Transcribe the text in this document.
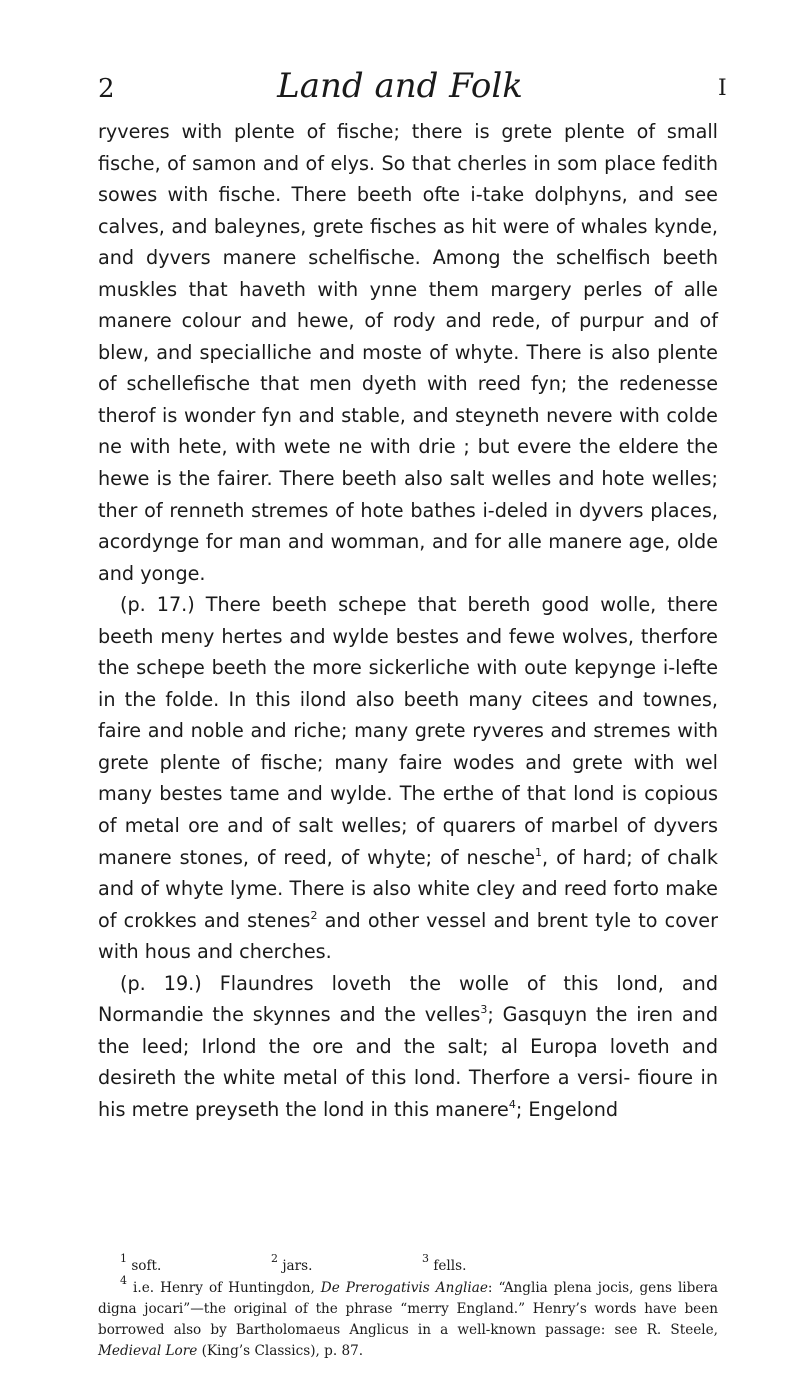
2	Land and Folk	I

ryveres with plente of fische; there is grete plente of small fische, of samon and of elys. So that cherles in som place fedith sowes with fische. There beeth ofte i-take dolphyns, and see calves, and baleynes, grete fisches as hit were of whales kynde, and dyvers manere schelfische. Among the schelfisch beeth muskles that haveth with ynne them margery perles of alle manere colour and hewe, of rody and rede, of purpur and of blew, and specialliche and moste of whyte. There is also plente of schellefische that men dyeth with reed fyn; the redenesse therof is wonder fyn and stable, and steyneth nevere with colde ne with hete, with wete ne with drie ; but evere the eldere the hewe is the fairer. There beeth also salt welles and hote welles; ther of renneth stremes of hote bathes i-deled in dyvers places, acordynge for man and womman, and for alle manere age, olde and yonge.

(p. 17.) There beeth schepe that bereth good wolle, there beeth meny hertes and wylde bestes and fewe wolves, therfore the schepe beeth the more sickerliche with oute kepynge i-lefte in the folde. In this ilond also beeth many citees and townes, faire and noble and riche; many grete ryveres and stremes with grete plente of fische; many faire wodes and grete with wel many bestes tame and wylde. The erthe of that lond is copious of metal ore and of salt welles; of quarers of marbel of dyvers manere stones, of reed, of whyte; of nesche$^1$, of hard; of chalk and of whyte lyme. There is also white cley and reed forto make of crokkes and stenes$^2$ and other vessel and brent tyle to cover with hous and cherches.

(p. 19.) Flaundres loveth the wolle of this lond, and Normandie the skynnes and the velles$^3$; Gasquyn the iren and the leed; Irlond the ore and the salt; al Europa loveth and desireth the white metal of this lond. Therfore a versi- fioure in his metre preyseth the lond in this manere$^4$; Engelond

$^1$ soft.	$^2$ jars.	$^3$ fells.

$^4$ i.e. Henry of Huntingdon, De Prerogativis Angliae: “Anglia plena jocis, gens libera digna jocari”—the original of the phrase “merry England.” Henry’s words have been borrowed also by Bartholomaeus Anglicus in a well-known passage: see R. Steele, Medieval Lore (King’s Classics), p. 87.
